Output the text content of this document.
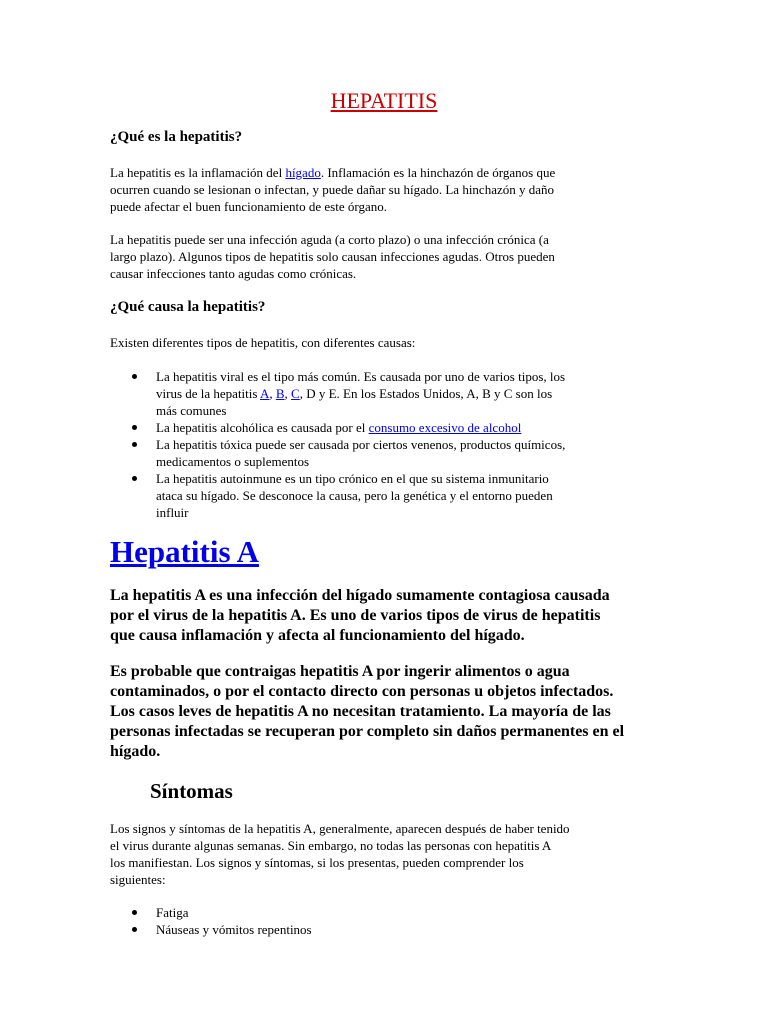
HEPATITIS
¿Qué es la hepatitis?
La hepatitis es la inflamación del hígado. Inflamación es la hinchazón de órganos que
ocurren cuando se lesionan o infectan, y puede dañar su hígado. La hinchazón y daño
puede afectar el buen funcionamiento de este órgano.
La hepatitis puede ser una infección aguda (a corto plazo) o una infección crónica (a
largo plazo). Algunos tipos de hepatitis solo causan infecciones agudas. Otros pueden
causar infecciones tanto agudas como crónicas.
¿Qué causa la hepatitis?
Existen diferentes tipos de hepatitis, con diferentes causas:
La hepatitis viral es el tipo más común. Es causada por uno de varios tipos, los
virus de la hepatitis A, B, C, D y E. En los Estados Unidos, A, B y C son los
más comunes
La hepatitis alcohólica es causada por el consumo excesivo de alcohol
La hepatitis tóxica puede ser causada por ciertos venenos, productos químicos,
medicamentos o suplementos
La hepatitis autoinmune es un tipo crónico en el que su sistema inmunitario
ataca su hígado. Se desconoce la causa, pero la genética y el entorno pueden
influir
Hepatitis A
La hepatitis A es una infección del hígado sumamente contagiosa causada
por el virus de la hepatitis A. Es uno de varios tipos de virus de hepatitis
que causa inflamación y afecta al funcionamiento del hígado.
Es probable que contraigas hepatitis A por ingerir alimentos o agua
contaminados, o por el contacto directo con personas u objetos infectados.
Los casos leves de hepatitis A no necesitan tratamiento. La mayoría de las
personas infectadas se recuperan por completo sin daños permanentes en el
hígado.
Síntomas
Los signos y síntomas de la hepatitis A, generalmente, aparecen después de haber tenido
el virus durante algunas semanas. Sin embargo, no todas las personas con hepatitis A
los manifiestan. Los signos y síntomas, si los presentas, pueden comprender los
siguientes:
Fatiga
Náuseas y vómitos repentinos
